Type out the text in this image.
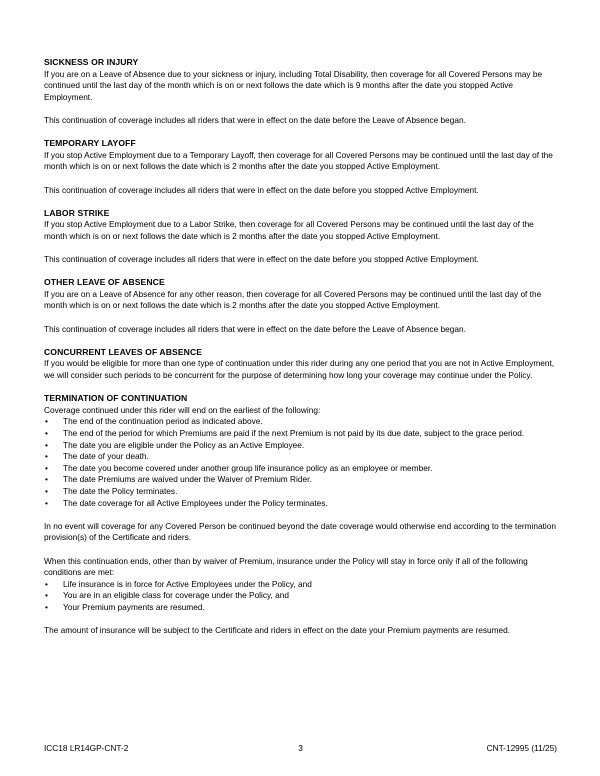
SICKNESS OR INJURY

If you are on a Leave of Absence due to your sickness or injury, including Total Disability, then coverage for all Covered Persons may be continued until the last day of the month which is on or next follows the date which is 9 months after the date you stopped Active Employment.

This continuation of coverage includes all riders that were in effect on the date before the Leave of Absence began.

TEMPORARY LAYOFF

If you stop Active Employment due to a Temporary Layoff, then coverage for all Covered Persons may be continued until the last day of the month which is on or next follows the date which is 2 months after the date you stopped Active Employment.

This continuation of coverage includes all riders that were in effect on the date before you stopped Active Employment.

LABOR STRIKE

If you stop Active Employment due to a Labor Strike, then coverage for all Covered Persons may be continued until the last day of the month which is on or next follows the date which is 2 months after the date you stopped Active Employment.

This continuation of coverage includes all riders that were in effect on the date before you stopped Active Employment.

OTHER LEAVE OF ABSENCE

If you are on a Leave of Absence for any other reason, then coverage for all Covered Persons may be continued until the last day of the month which is on or next follows the date which is 2 months after the date you stopped Active Employment.

This continuation of coverage includes all riders that were in effect on the date before the Leave of Absence began.

CONCURRENT LEAVES OF ABSENCE

If you would be eligible for more than one type of continuation under this rider during any one period that you are not in Active Employment, we will consider such periods to be concurrent for the purpose of determining how long your coverage may continue under the Policy.

TERMINATION OF CONTINUATION

Coverage continued under this rider will end on the earliest of the following:

• The end of the continuation period as indicated above.
• The end of the period for which Premiums are paid if the next Premium is not paid by its due date, subject to the grace period.
• The date you are eligible under the Policy as an Active Employee.
• The date of your death.
• The date you become covered under another group life insurance policy as an employee or member.
• The date Premiums are waived under the Waiver of Premium Rider.
• The date the Policy terminates.
• The date coverage for all Active Employees under the Policy terminates.

In no event will coverage for any Covered Person be continued beyond the date coverage would otherwise end according to the termination provision(s) of the Certificate and riders.

When this continuation ends, other than by waiver of Premium, insurance under the Policy will stay in force only if all of the following conditions are met:

• Life insurance is in force for Active Employees under the Policy, and
• You are in an eligible class for coverage under the Policy, and
• Your Premium payments are resumed.

The amount of insurance will be subject to the Certificate and riders in effect on the date your Premium payments are resumed.

ICC18 LR14GP-CNT-2	3	CNT-12995 (11/25)
